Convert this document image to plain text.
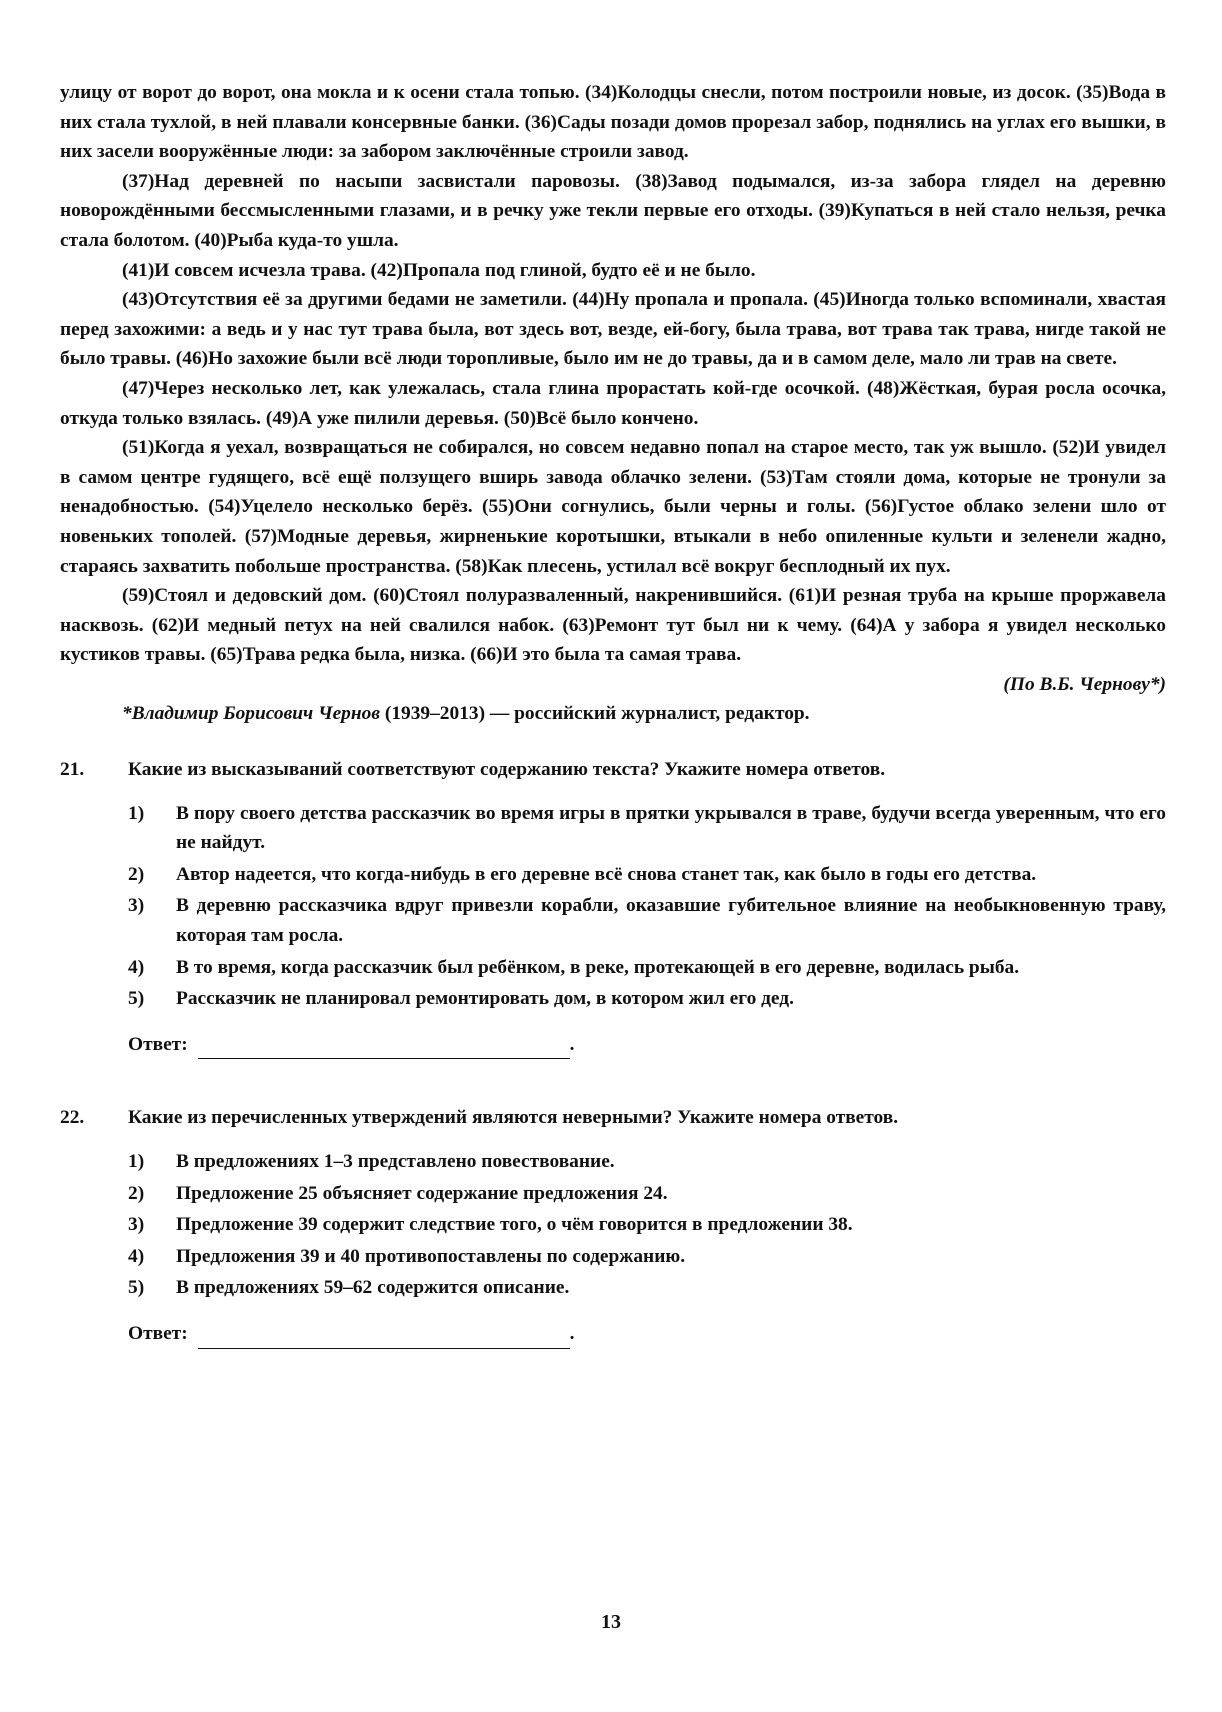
улицу от ворот до ворот, она мокла и к осени стала топью. (34)Колодцы снесли, потом построили новые, из досок. (35)Вода в них стала тухлой, в ней плавали консервные банки. (36)Сады позади домов прорезал забор, поднялись на углах его вышки, в них засели вооружённые люди: за забором заключённые строили завод.

(37)Над деревней по насыпи засвистали паровозы. (38)Завод подымался, из-за забора глядел на деревню новорождёнными бессмысленными глазами, и в речку уже текли первые его отходы. (39)Купаться в ней стало нельзя, речка стала болотом. (40)Рыба куда-то ушла.

(41)И совсем исчезла трава. (42)Пропала под глиной, будто её и не было.

(43)Отсутствия её за другими бедами не заметили. (44)Ну пропала и пропала. (45)Иногда только вспоминали, хвастая перед захожими: а ведь и у нас тут трава была, вот здесь вот, везде, ей-богу, была трава, вот трава так трава, нигде такой не было травы. (46)Но захожие были всё люди торопливые, было им не до травы, да и в самом деле, мало ли трав на свете.

(47)Через несколько лет, как улежалась, стала глина прорастать кой-где осочкой. (48)Жёсткая, бурая росла осочка, откуда только взялась. (49)А уже пилили деревья. (50)Всё было кончено.

(51)Когда я уехал, возвращаться не собирался, но совсем недавно попал на старое место, так уж вышло. (52)И увидел в самом центре гудящего, всё ещё ползущего вширь завода облачко зелени. (53)Там стояли дома, которые не тронули за ненадобностью. (54)Уцелело несколько берёз. (55)Они согнулись, были черны и голы. (56)Густое облако зелени шло от новеньких тополей. (57)Модные деревья, жирненькие коротышки, втыкали в небо опиленные культи и зеленели жадно, стараясь захватить побольше пространства. (58)Как плесень, устилал всё вокруг бесплодный их пух.

(59)Стоял и дедовский дом. (60)Стоял полуразваленный, накренившийся. (61)И резная труба на крыше проржавела насквозь. (62)И медный петух на ней свалился набок. (63)Ремонт тут был ни к чему. (64)А у забора я увидел несколько кустиков травы. (65)Трава редка была, низка. (66)И это была та самая трава.

(По В.Б. Чернову*)

*Владимир Борисович Чернов (1939–2013) — российский журналист, редактор.

21.	Какие из высказываний соответствуют содержанию текста? Укажите номера ответов.
1)	В пору своего детства рассказчик во время игры в прятки укрывался в траве, будучи всегда уверенным, что его не найдут.
2)	Автор надеется, что когда-нибудь в его деревне всё снова станет так, как было в годы его детства.
3)	В деревню рассказчика вдруг привезли корабли, оказавшие губительное влияние на необыкновенную траву, которая там росла.
4)	В то время, когда рассказчик был ребёнком, в реке, протекающей в его деревне, водилась рыба.
5)	Рассказчик не планировал ремонтировать дом, в котором жил его дед.
Ответ:	.
22.	Какие из перечисленных утверждений являются неверными? Укажите номера ответов.
1)	В предложениях 1–3 представлено повествование.
2)	Предложение 25 объясняет содержание предложения 24.
3)	Предложение 39 содержит следствие того, о чём говорится в предложении 38.
4)	Предложения 39 и 40 противопоставлены по содержанию.
5)	В предложениях 59–62 содержится описание.
Ответ:	.
13
